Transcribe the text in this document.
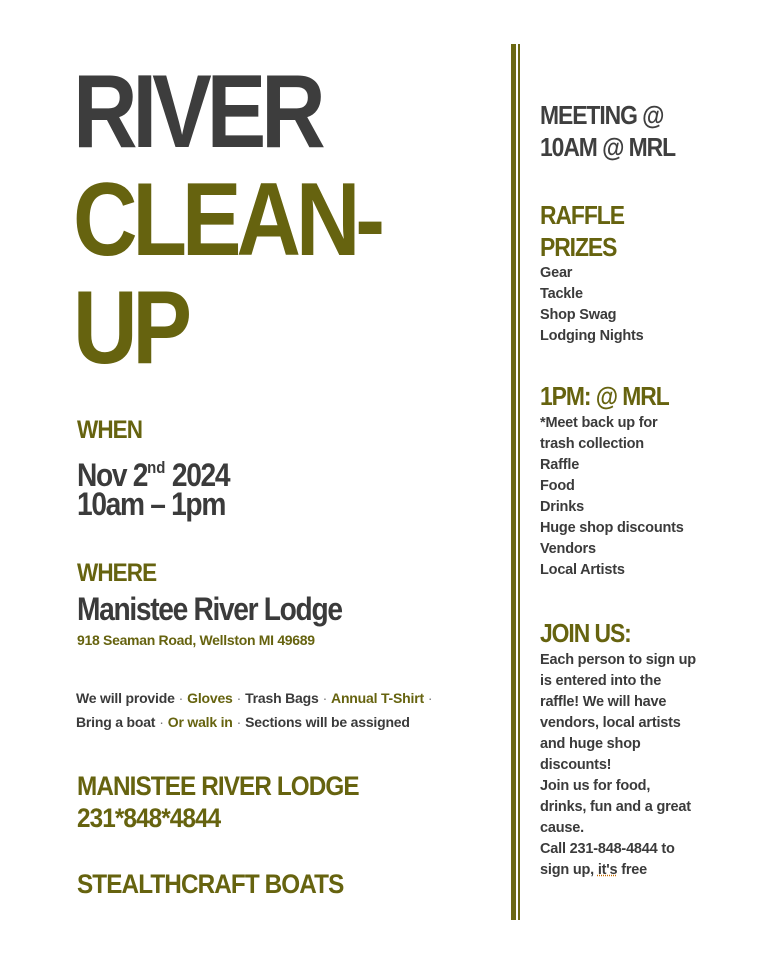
RIVER
CLEAN-
UP
WHEN
Nov 2nd 2024
10am – 1pm
WHERE
Manistee River Lodge
918 Seaman Road, Wellston MI 49689
We will provide · Gloves · Trash Bags · Annual T-Shirt ·
Bring a boat · Or walk in · Sections will be assigned
MANISTEE RIVER LODGE
231*848*4844
STEALTHCRAFT BOATS
MEETING @
10AM @ MRL
RAFFLE
PRIZES
Gear
Tackle
Shop Swag
Lodging Nights
1PM: @ MRL
*Meet back up for
trash collection
Raffle
Food
Drinks
Huge shop discounts
Vendors
Local Artists
JOIN US:
Each person to sign up is entered into the raffle! We will have vendors, local artists and huge shop discounts!
Join us for food, drinks, fun and a great cause.
Call 231-848-4844 to sign up, it's free
